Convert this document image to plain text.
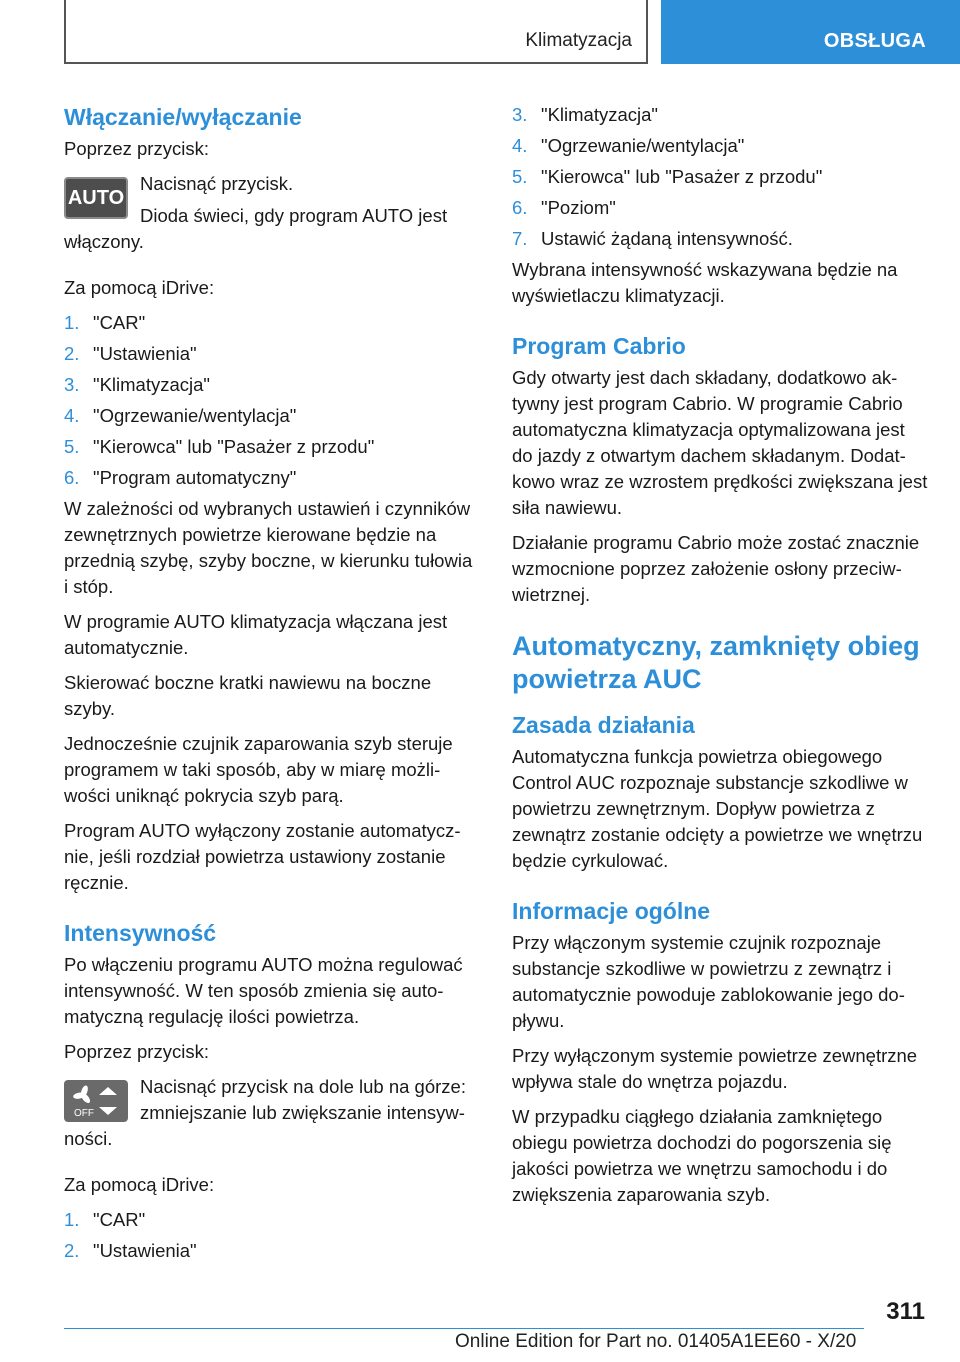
Klimatyzacja	OBSŁUGA
Włączanie/wyłączanie

Poprzez przycisk:

AUTO

Nacisnąć przycisk.

Dioda świeci, gdy program AUTO jest włączony.

Za pomocą iDrive:

1. "CAR"
2. "Ustawienia"
3. "Klimatyzacja"
4. "Ogrzewanie/wentylacja"
5. "Kierowca" lub "Pasażer z przodu"
6. "Program automatyczny"

W zależności od wybranych ustawień i czynników zewnętrznych powietrze kierowane będzie na przednią szybę, szyby boczne, w kierunku tułowia i stóp.

W programie AUTO klimatyzacja włączana jest automatycznie.

Skierować boczne kratki nawiewu na boczne szyby.

Jednocześnie czujnik zaparowania szyb steruje programem w taki sposób, aby w miarę możliwości uniknąć pokrycia szyb parą.

Program AUTO wyłączony zostanie automatycznie, jeśli rozdział powietrza ustawiony zostanie ręcznie.

Intensywność

Po włączeniu programu AUTO można regulować intensywność. W ten sposób zmienia się automatyczną regulację ilości powietrza.

Poprzez przycisk:

OFF

Nacisnąć przycisk na dole lub na górze: zmniejszanie lub zwiększanie intensywności.

Za pomocą iDrive:

1. "CAR"
2. "Ustawienia"
3. "Klimatyzacja"
4. "Ogrzewanie/wentylacja"
5. "Kierowca" lub "Pasażer z przodu"
6. "Poziom"
7. Ustawić żądaną intensywność.

Wybrana intensywność wskazywana będzie na wyświetlaczu klimatyzacji.

Program Cabrio

Gdy otwarty jest dach składany, dodatkowo aktywny jest program Cabrio. W programie Cabrio automatyczna klimatyzacja optymalizowana jest do jazdy z otwartym dachem składanym. Dodatkowo wraz ze wzrostem prędkości zwiększana jest siła nawiewu.

Działanie programu Cabrio może zostać znacznie wzmocnione poprzez założenie osłony przeciwwietrznej.

Automatyczny, zamknięty obieg powietrza AUC
Zasada działania

Automatyczna funkcja powietrza obiegowego Control AUC rozpoznaje substancje szkodliwe w powietrzu zewnętrznym. Dopływ powietrza z zewnątrz zostanie odcięty a powietrze we wnętrzu będzie cyrkulować.

Informacje ogólne

Przy włączonym systemie czujnik rozpoznaje substancje szkodliwe w powietrzu z zewnątrz i automatycznie powoduje zablokowanie jego dopływu.

Przy wyłączonym systemie powietrze zewnętrzne wpływa stale do wnętrza pojazdu.

W przypadku ciągłego działania zamkniętego obiegu powietrza dochodzi do pogorszenia się jakości powietrza we wnętrzu samochodu i do zwiększenia zaparowania szyb.

311
Online Edition for Part no. 01405A1EE60 - X/20
